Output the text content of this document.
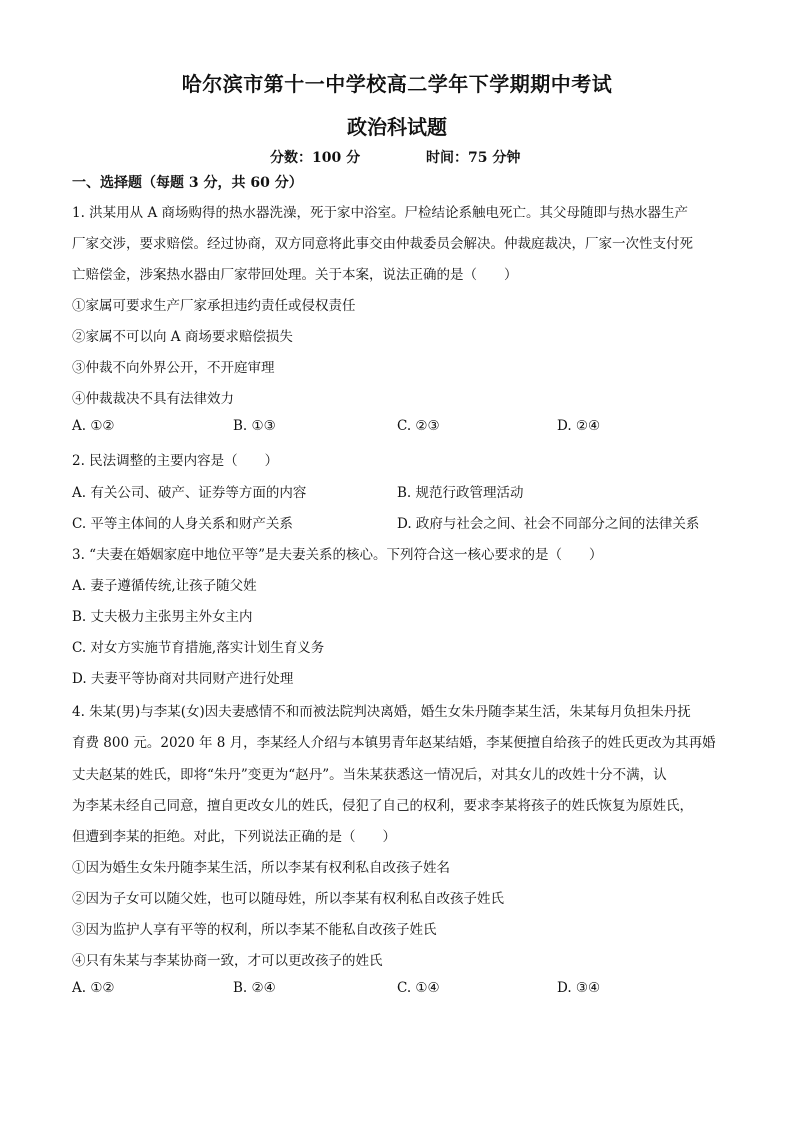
哈尔滨市第十一中学校高二学年下学期期中考试
政治科试题
分数：100 分	时间：75 分钟
一、选择题（每题 3 分，共 60 分）
1. 洪某用从 A 商场购得的热水器洗澡，死于家中浴室。尸检结论系触电死亡。其父母随即与热水器生产
厂家交涉，要求赔偿。经过协商，双方同意将此事交由仲裁委员会解决。仲裁庭裁决，厂家一次性支付死
亡赔偿金，涉案热水器由厂家带回处理。关于本案，说法正确的是（　　）
①家属可要求生产厂家承担违约责任或侵权责任
②家属不可以向 A 商场要求赔偿损失
③仲裁不向外界公开，不开庭审理
④仲裁裁决不具有法律效力
A. ①②	B. ①③	C. ②③	D. ②④
2. 民法调整的主要内容是（　　）
A. 有关公司、破产、证券等方面的内容	B. 规范行政管理活动
C. 平等主体间的人身关系和财产关系	D. 政府与社会之间、社会不同部分之间的法律关系
3. “夫妻在婚姻家庭中地位平等”是夫妻关系的核心。下列符合这一核心要求的是（　　）
A. 妻子遵循传统,让孩子随父姓
B. 丈夫极力主张男主外女主内
C. 对女方实施节育措施,落实计划生育义务
D. 夫妻平等协商对共同财产进行处理
4. 朱某(男)与李某(女)因夫妻感情不和而被法院判决离婚，婚生女朱丹随李某生活，朱某每月负担朱丹抚
育费 800 元。2020 年 8 月，李某经人介绍与本镇男青年赵某结婚，李某便擅自给孩子的姓氏更改为其再婚
丈夫赵某的姓氏，即将“朱丹”变更为“赵丹”。当朱某获悉这一情况后，对其女儿的改姓十分不满，认
为李某未经自己同意，擅自更改女儿的姓氏，侵犯了自己的权利，要求李某将孩子的姓氏恢复为原姓氏，
但遭到李某的拒绝。对此，下列说法正确的是（　　）
①因为婚生女朱丹随李某生活，所以李某有权利私自改孩子姓名
②因为子女可以随父姓，也可以随母姓，所以李某有权利私自改孩子姓氏
③因为监护人享有平等的权利，所以李某不能私自改孩子姓氏
④只有朱某与李某协商一致，才可以更改孩子的姓氏
A. ①②	B. ②④	C. ①④	D. ③④
